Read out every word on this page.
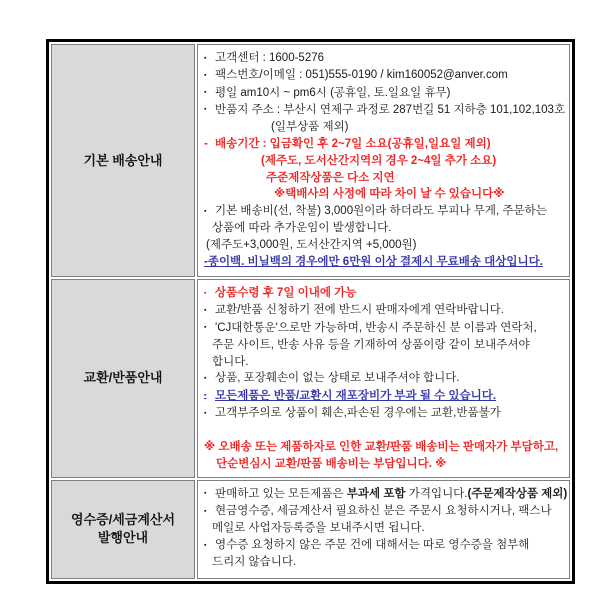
기본 배송안내

▪ 고객센터 : 1600-5276
▪ 팩스번호/이메일 : 051)555-0190 / kim160052@anver.com
▪ 평일 am10시 ~ pm6시 (공휴일, 토.일요일 휴무)
▪ 반품지 주소 : 부산시 연제구 과정로 287번길 51 지하층 101,102,103호
(일부상품 제외)
- 배송기간 : 입금확인 후 2~7일 소요(공휴일,일요일 제외)
(제주도, 도서산간지역의 경우 2~4일 추가 소요)
주준제작상품은 다소 지연
※택배사의 사정에 따라 차이 날 수 있습니다※
▪ 기본 배송비(선, 착불) 3,000원이라 하더라도 부피나 무게, 주문하는
상품에 따라 추가운임이 발생합니다.
(제주도+3,000원, 도서산간지역 +5,000원)
-종이백. 비닐백의 경우에만 6만원 이상 결제시 무료배송 대상입니다.

교환/반품안내

▪ 상품수령 후 7일 이내에 가능
▪ 교환/반품 신청하기 전에 반드시 판매자에게 연락바랍니다.
▪ 'CJ대한통운'으로만 가능하며, 반송시 주문하신 분 이름과 연락처,
주문 사이트, 반송 사유 등을 기재하여 상품이랑 같이 보내주셔야
합니다.
▪ 상품, 포장훼손이 없는 상태로 보내주셔야 합니다.
▪ 모든제품은 반품/교환시 재포장비가 부과 될 수 있습니다.
▪ 고객부주의로 상품이 훼손,파손된 경우에는 교환,반품불가

※ 오배송 또는 제품하자로 인한 교환/판품 배송비는 판매자가 부담하고,
단순변심시 교환/판품 배송비는 부담입니다. ※

영수증/세금계산서
발행안내

▪ 판매하고 있는 모든제품은 부과세 포함 가격입니다.(주문제작상품 제외)
▪ 현금영수증, 세금계산서 필요하신 분은 주문시 요청하시거나, 팩스나
메일로 사업자등록증을 보내주시면 됩니다.
▪ 영수증 요청하지 않은 주문 건에 대해서는 따로 영수증을 첨부해
드리지 않습니다.
